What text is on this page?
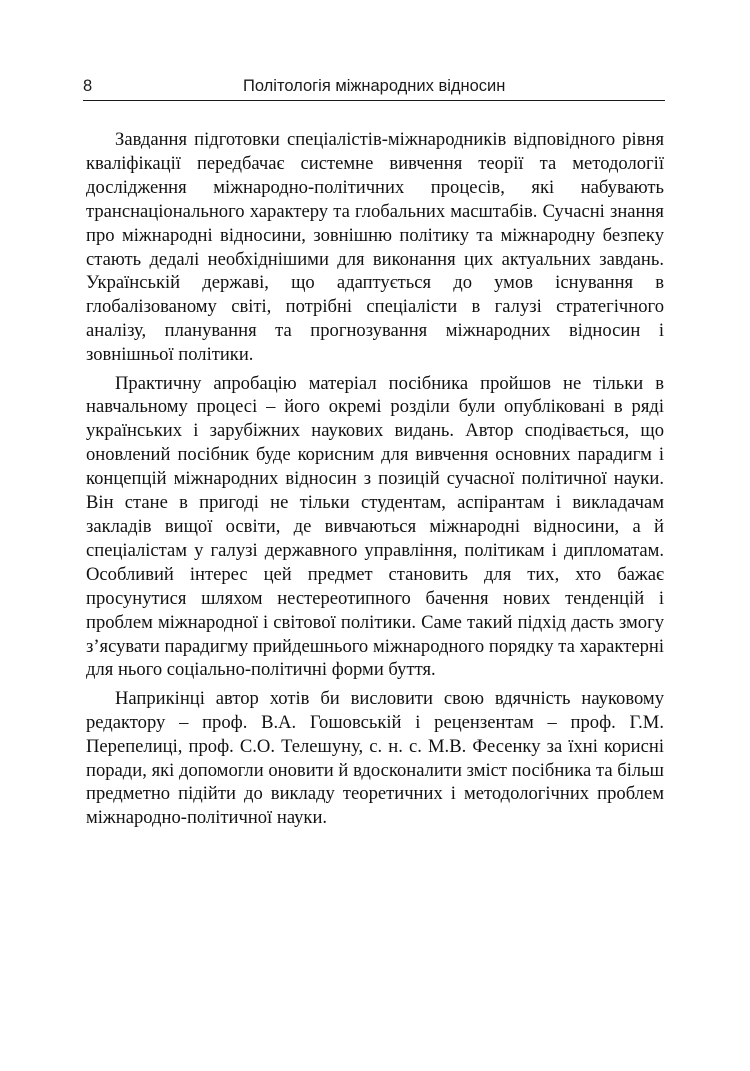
8	Політологія міжнародних відносин

Завдання підготовки спеціалістів-міжнародників відповідного рівня кваліфікації передбачає системне вивчення теорії та методології дослідження міжнародно-політичних процесів, які набувають транснаціонального характеру та глобальних масштабів. Сучасні знання про міжнародні відносини, зовнішню політику та міжнародну безпеку стають дедалі необхіднішими для виконання цих актуальних завдань. Українській державі, що адаптується до умов існування в глобалізованому світі, потрібні спеціалісти в галузі стратегічного аналізу, планування та прогнозування міжнародних відносин і зовнішньої політики.

Практичну апробацію матеріал посібника пройшов не тільки в навчальному процесі – його окремі розділи були опубліковані в ряді українських і зарубіжних наукових видань. Автор сподівається, що оновлений посібник буде корисним для вивчення основних парадигм і концепцій міжнародних відносин з позицій сучасної політичної науки. Він стане в пригоді не тільки студентам, аспірантам і викладачам закладів вищої освіти, де вивчаються міжнародні відносини, а й спеціалістам у галузі державного управління, політикам і дипломатам. Особливий інтерес цей предмет становить для тих, хто бажає просунутися шляхом нестереотипного бачення нових тенденцій і проблем міжнародної і світової політики. Саме такий підхід дасть змогу з’ясувати парадигму прийдешнього міжнародного порядку та характерні для нього соціально-політичні форми буття.

Наприкінці автор хотів би висловити свою вдячність науковому редактору – проф. В.А. Гошовській і рецензентам – проф. Г.М. Перепелиці, проф. С.О. Телешуну, с. н. с. М.В. Фесенку за їхні корисні поради, які допомогли оновити й вдосконалити зміст посібника та більш предметно підійти до викладу теоретичних і методологічних проблем міжнародно-політичної науки.
